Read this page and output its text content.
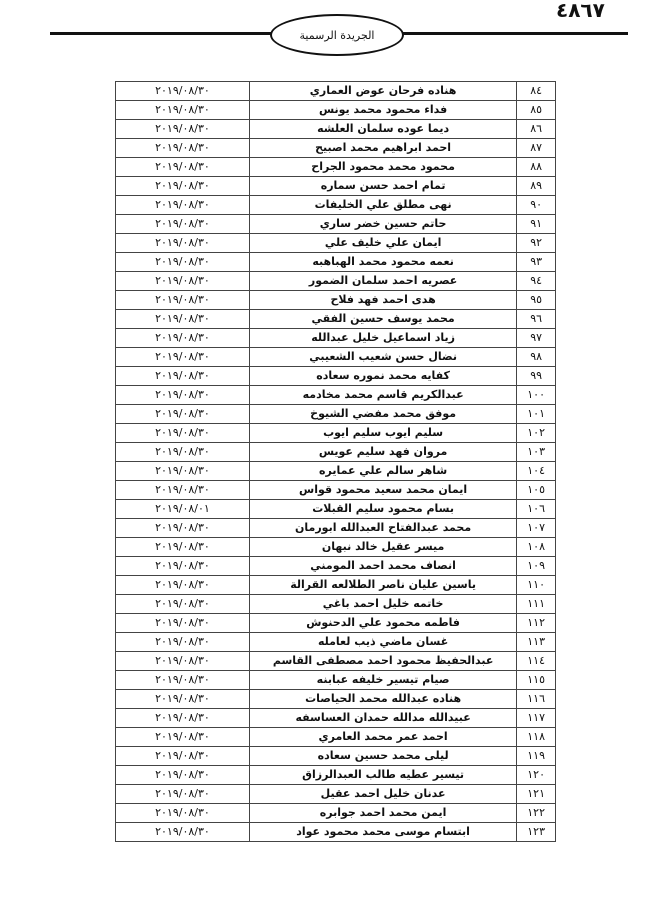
٤٨٦٧
الجريدة الرسمية
٨٤	هناده فرحان عوض العماري	٢٠١٩/٠٨/٣٠
٨٥	فداء محمود محمد يونس	٢٠١٩/٠٨/٣٠
٨٦	ديما عوده سلمان العلشه	٢٠١٩/٠٨/٣٠
٨٧	احمد ابراهيم محمد اصبيح	٢٠١٩/٠٨/٣٠
٨٨	محمود محمد محمود الجراح	٢٠١٩/٠٨/٣٠
٨٩	تمام احمد حسن سماره	٢٠١٩/٠٨/٣٠
٩٠	نهى مطلق علي الخليفات	٢٠١٩/٠٨/٣٠
٩١	حاتم حسين خضر ساري	٢٠١٩/٠٨/٣٠
٩٢	ايمان علي خليف علي	٢٠١٩/٠٨/٣٠
٩٣	نعمه محمود محمد الهباهبه	٢٠١٩/٠٨/٣٠
٩٤	عصريه احمد سلمان الضمور	٢٠١٩/٠٨/٣٠
٩٥	هدى احمد فهد فلاح	٢٠١٩/٠٨/٣٠
٩٦	محمد يوسف حسين الفقي	٢٠١٩/٠٨/٣٠
٩٧	زياد اسماعيل خليل عبدالله	٢٠١٩/٠٨/٣٠
٩٨	نضال حسن شعيب الشعيبي	٢٠١٩/٠٨/٣٠
٩٩	كفايه محمد نموره سعاده	٢٠١٩/٠٨/٣٠
١٠٠	عبدالكريم قاسم محمد مخادمه	٢٠١٩/٠٨/٣٠
١٠١	موفق محمد مفضي الشيوخ	٢٠١٩/٠٨/٣٠
١٠٢	سليم ايوب سليم ايوب	٢٠١٩/٠٨/٣٠
١٠٣	مروان فهد سليم عويس	٢٠١٩/٠٨/٣٠
١٠٤	شاهر سالم علي عمايره	٢٠١٩/٠٨/٣٠
١٠٥	ايمان محمد سعيد محمود قواس	٢٠١٩/٠٨/٣٠
١٠٦	بسام محمود سليم القبلات	٢٠١٩/٠٨/٠١
١٠٧	محمد عبدالفتاح العبدالله ابورمان	٢٠١٩/٠٨/٣٠
١٠٨	ميسر عقيل خالد نبهان	٢٠١٩/٠٨/٣٠
١٠٩	انصاف محمد احمد المومني	٢٠١٩/٠٨/٣٠
١١٠	ياسين عليان ناصر الطلالعه القرالة	٢٠١٩/٠٨/٣٠
١١١	خاتمه خليل احمد باغي	٢٠١٩/٠٨/٣٠
١١٢	فاطمه محمود علي الدحنوش	٢٠١٩/٠٨/٣٠
١١٣	غسان ماضي ذيب لعامله	٢٠١٩/٠٨/٣٠
١١٤	عبدالحفيظ محمود احمد مصطفى القاسم	٢٠١٩/٠٨/٣٠
١١٥	صيام تيسير خليفه عبابنه	٢٠١٩/٠٨/٣٠
١١٦	هناده عبدالله محمد الحياصات	٢٠١٩/٠٨/٣٠
١١٧	عبيدالله مدالله حمدان العساسفه	٢٠١٩/٠٨/٣٠
١١٨	احمد عمر محمد العامري	٢٠١٩/٠٨/٣٠
١١٩	ليلى محمد حسين سعاده	٢٠١٩/٠٨/٣٠
١٢٠	تيسير عطيه طالب العبدالرزاق	٢٠١٩/٠٨/٣٠
١٢١	عدنان خليل احمد عقيل	٢٠١٩/٠٨/٣٠
١٢٢	ايمن محمد احمد جوابره	٢٠١٩/٠٨/٣٠
١٢٣	ابتسام موسى محمد محمود عواد	٢٠١٩/٠٨/٣٠
